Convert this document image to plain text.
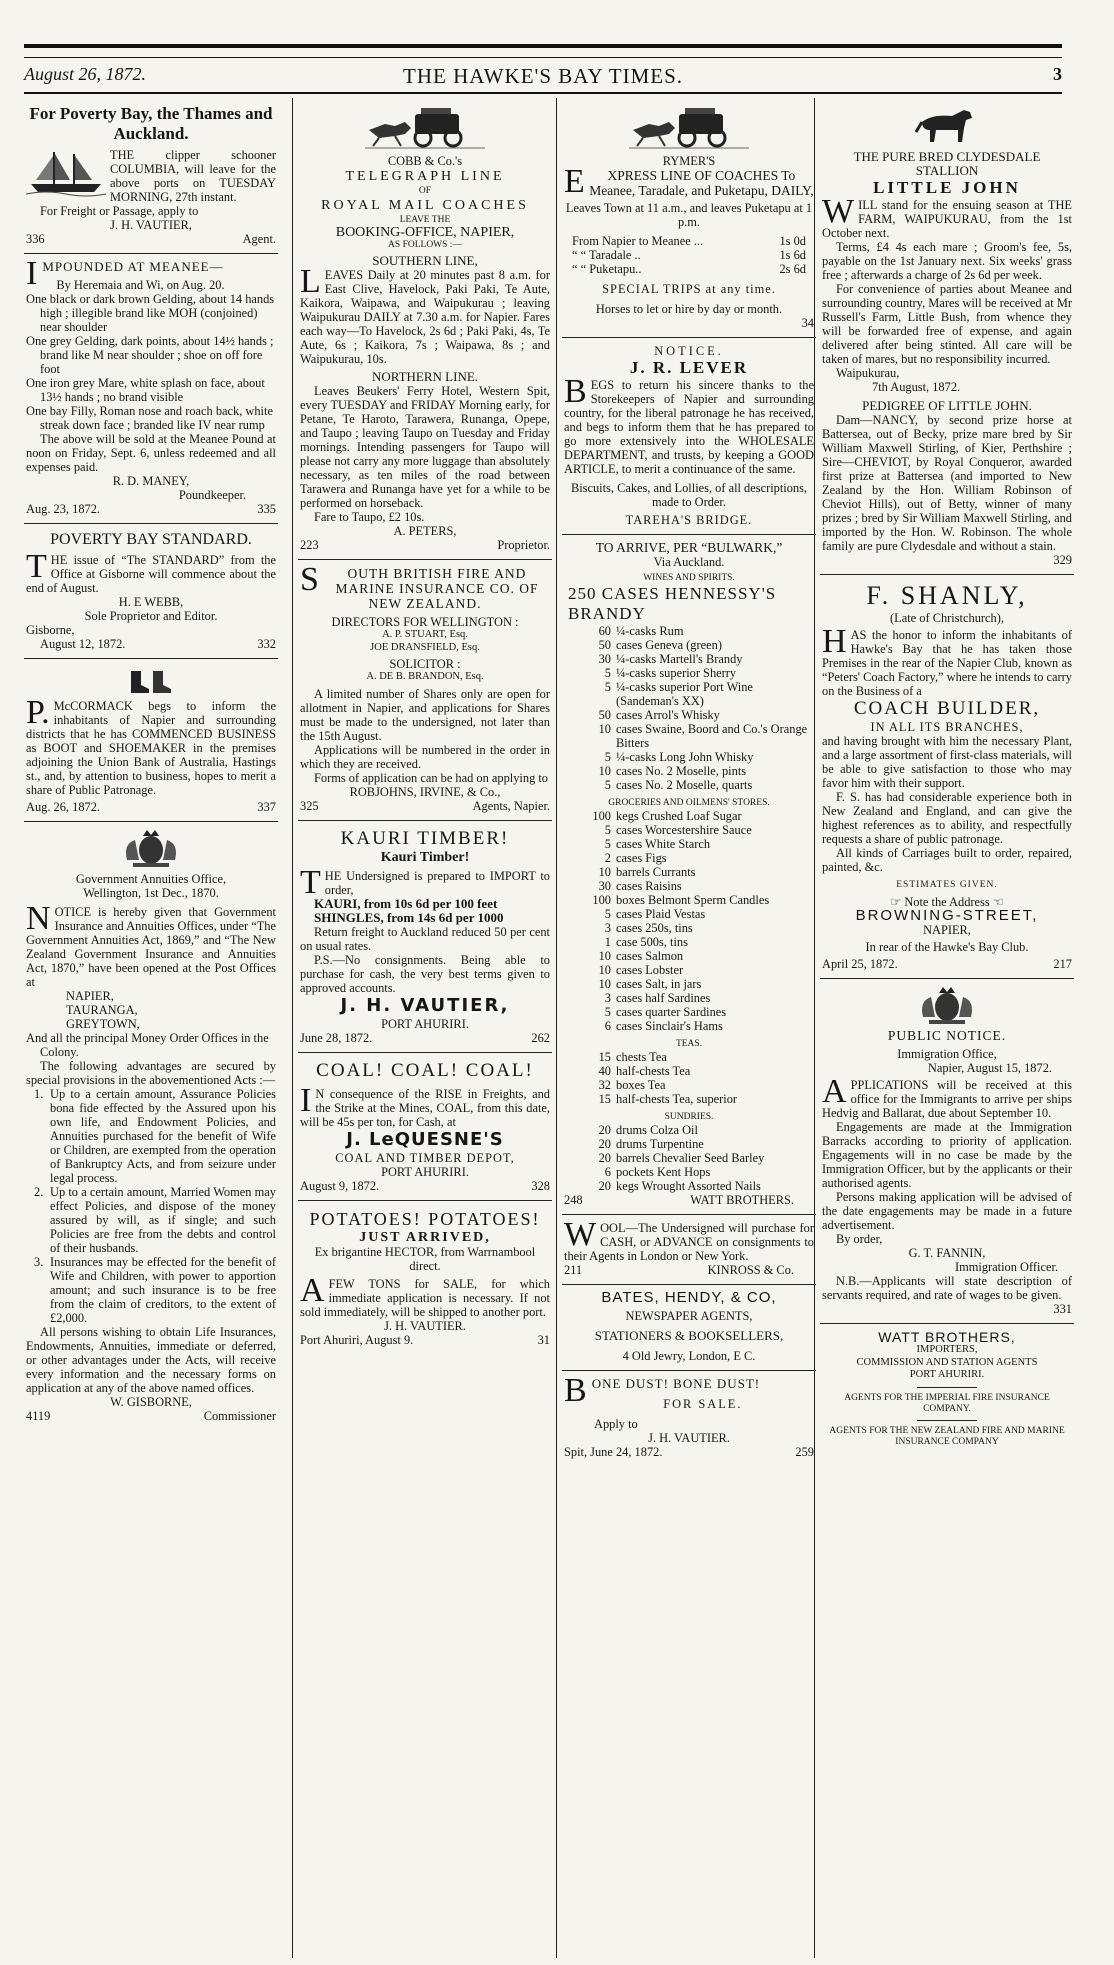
August 26, 1872.	THE HAWKE'S BAY TIMES.	3
For Poverty Bay, the Thames and Auckland.
THE clipper schooner COLUMBIA, will leave for the above ports on TUESDAY MORNING, 27th instant.
For Freight or Passage, apply to
J. H. VAUTIER,
336	Agent.
IMPOUNDED AT MEANEE—
By Heremaia and Wi, on Aug. 20.
One black or dark brown Gelding, about 14 hands high ; illegible brand like MOH (conjoined) near shoulder
One grey Gelding, dark points, about 14½ hands ; brand like M near shoulder ; shoe on off fore foot
One iron grey Mare, white splash on face, about 13½ hands ; no brand visible
One bay Filly, Roman nose and roach back, white streak down face ; branded like IV near rump
The above will be sold at the Meanee Pound at noon on Friday, Sept. 6, unless redeemed and all expenses paid.
R. D. MANEY,
Poundkeeper.
Aug. 23, 1872.	335
POVERTY BAY STANDARD.
THE issue of “The STANDARD” from the Office at Gisborne will commence about the end of August.
H. E WEBB,
Sole Proprietor and Editor.
Gisborne,
August 12, 1872.	332
P.McCORMACK begs to inform the inhabitants of Napier and surrounding districts that he has COMMENCED BUSINESS as BOOT and SHOEMAKER in the premises adjoining the Union Bank of Australia, Hastings st., and, by attention to business, hopes to merit a share of Public Patronage.
Aug. 26, 1872.	337
Government Annuities Office,
Wellington, 1st Dec., 1870.
NOTICE is hereby given that Government Insurance and Annuities Offices, under “The Government Annuities Act, 1869,” and “The New Zealand Government Insurance and Annuities Act, 1870,” have been opened at the Post Offices at
NAPIER,
TAURANGA,
GREYTOWN,
And all the principal Money Order Offices in the Colony.
The following advantages are secured by special provisions in the abovementioned Acts :—
1. Up to a certain amount, Assurance Policies bona fide effected by the Assured upon his own life, and Endowment Policies, and Annuities purchased for the benefit of Wife or Children, are exempted from the operation of Bankruptcy Acts, and from seizure under legal process.
2. Up to a certain amount, Married Women may effect Policies, and dispose of the money assured by will, as if single; and such Policies are free from the debts and control of their husbands.
3. Insurances may be effected for the benefit of Wife and Children, with power to apportion amount; and such insurance is to be free from the claim of creditors, to the extent of £2,000.
All persons wishing to obtain Life Insurances, Endowments, Annuities, immediate or deferred, or other advantages under the Acts, will receive every information and the necessary forms on application at any of the above named offices.
W. GISBORNE,
4119	Commissioner
COBB & Co.'s
TELEGRAPH LINE
OF
ROYAL MAIL COACHES
LEAVE THE
BOOKING-OFFICE, NAPIER,
AS FOLLOWS :—
SOUTHERN LINE,
LEAVES Daily at 20 minutes past 8 a.m. for East Clive, Havelock, Paki Paki, Te Aute, Kaikora, Waipawa, and Waipukurau ; leaving Waipukurau DAILY at 7.30 a.m. for Napier. Fares each way—To Havelock, 2s 6d ; Paki Paki, 4s, Te Aute, 6s ; Kaikora, 7s ; Waipawa, 8s ; and Waipukurau, 10s.
NORTHERN LINE.
Leaves Beukers' Ferry Hotel, Western Spit, every TUESDAY and FRIDAY Morning early, for Petane, Te Haroto, Tarawera, Runanga, Opepe, and Taupo ; leaving Taupo on Tuesday and Friday mornings. Intending passengers for Taupo will please not carry any more luggage than absolutely necessary, as ten miles of the road between Tarawera and Runanga have yet for a while to be performed on horseback.
Fare to Taupo, £2 10s.
A. PETERS,
223	Proprietor.
SOUTH BRITISH FIRE AND MARINE INSURANCE CO. OF NEW ZEALAND.
DIRECTORS FOR WELLINGTON :
A. P. STUART, Esq.
JOE DRANSFIELD, Esq.
SOLICITOR :
A. DE B. BRANDON, Esq.
A limited number of Shares only are open for allotment in Napier, and applications for Shares must be made to the undersigned, not later than the 15th August.
Applications will be numbered in the order in which they are received.
Forms of application can be had on applying to
ROBJOHNS, IRVINE, & Co.,
325	Agents, Napier.
KAURI TIMBER!
Kauri Timber!
THE Undersigned is prepared to IMPORT to order,
KAURI, from 10s 6d per 100 feet
SHINGLES, from 14s 6d per 1000
Return freight to Auckland reduced 50 per cent on usual rates.
P.S.—No consignments. Being able to purchase for cash, the very best terms given to approved accounts.
J. H. VAUTIER,
PORT AHURIRI.
June 28, 1872.	262
COAL! COAL! COAL!
IN consequence of the RISE in Freights, and the Strike at the Mines, COAL, from this date, will be 45s per ton, for Cash, at
J. LeQUESNE'S
COAL AND TIMBER DEPOT,
PORT AHURIRI.
August 9, 1872.	328
POTATOES! POTATOES!
JUST ARRIVED,
Ex brigantine HECTOR, from Warrnambool direct.
AFEW TONS for SALE, for which immediate application is necessary. If not sold immediately, will be shipped to another port.
J. H. VAUTIER.
Port Ahuriri, August 9.	31
RYMER'S
EXPRESS LINE OF COACHES To Meanee, Taradale, and Puketapu, DAILY,
Leaves Town at 11 a.m., and leaves Puketapu at 1 p.m.
From Napier to Meanee ...	1s 0d
“ “ Taradale ..	1s 6d
“ “ Puketapu..	2s 6d
SPECIAL TRIPS at any time.
Horses to let or hire by day or month.
34
NOTICE.
J. R. LEVER
BEGS to return his sincere thanks to the Storekeepers of Napier and surrounding country, for the liberal patronage he has received, and begs to inform them that he has prepared to go more extensively into the WHOLESALE DEPARTMENT, and trusts, by keeping a GOOD ARTICLE, to merit a continuance of the same.
Biscuits, Cakes, and Lollies, of all descriptions, made to Order.
TAREHA'S BRIDGE.
TO ARRIVE, PER “BULWARK,”
Via Auckland.
WINES AND SPIRITS.
250 CASES HENNESSY'S BRANDY
60 ¼-casks Rum
50 cases Geneva (green)
30 ¼-casks Martell's Brandy
5 ¼-casks superior Sherry
5 ¼-casks superior Port Wine (Sandeman's XX)
50 cases Arrol's Whisky
10 cases Swaine, Boord and Co.'s Orange Bitters
5 ¼-casks Long John Whisky
10 cases No. 2 Moselle, pints
5 cases No. 2 Moselle, quarts
GROCERIES AND OILMENS' STORES.
100 kegs Crushed Loaf Sugar
5 cases Worcestershire Sauce
5 cases White Starch
2 cases Figs
10 barrels Currants
30 cases Raisins
100 boxes Belmont Sperm Candles
5 cases Plaid Vestas
3 cases 250s, tins
1 case 500s, tins
10 cases Salmon
10 cases Lobster
10 cases Salt, in jars
3 cases half Sardines
5 cases quarter Sardines
6 cases Sinclair's Hams
TEAS.
15 chests Tea
40 half-chests Tea
32 boxes Tea
15 half-chests Tea, superior
SUNDRIES.
20 drums Colza Oil
20 drums Turpentine
20 barrels Chevalier Seed Barley
6 pockets Kent Hops
20 kegs Wrought Assorted Nails
248	WATT BROTHERS.
WOOL—The Undersigned will purchase for CASH, or ADVANCE on consignments to their Agents in London or New York.
211	KINROSS & Co.
BATES, HENDY, & CO,
NEWSPAPER AGENTS,
STATIONERS & BOOKSELLERS,
4 Old Jewry, London, E C.
BONE DUST! BONE DUST!
FOR SALE.
Apply to
J. H. VAUTIER.
Spit, June 24, 1872.	259
THE PURE BRED CLYDESDALE STALLION
LITTLE JOHN
WILL stand for the ensuing season at THE FARM, WAIPUKURAU, from the 1st October next.
Terms, £4 4s each mare ; Groom's fee, 5s, payable on the 1st January next. Six weeks' grass free ; afterwards a charge of 2s 6d per week.
For convenience of parties about Meanee and surrounding country, Mares will be received at Mr Russell's Farm, Little Bush, from whence they will be forwarded free of expense, and again delivered after being stinted. All care will be taken of mares, but no responsibility incurred.
Waipukurau,
7th August, 1872.
PEDIGREE OF LITTLE JOHN.
Dam—NANCY, by second prize horse at Battersea, out of Becky, prize mare bred by Sir William Maxwell Stirling, of Kier, Perthshire ; Sire—CHEVIOT, by Royal Conqueror, awarded first prize at Battersea (and imported to New Zealand by the Hon. William Robinson of Cheviot Hills), out of Betty, winner of many prizes ; bred by Sir William Maxwell Stirling, and imported by the Hon. W. Robinson. The whole family are pure Clydesdale and without a stain.
329
F. SHANLY,
(Late of Christchurch),
HAS the honor to inform the inhabitants of Hawke's Bay that he has taken those Premises in the rear of the Napier Club, known as “Peters' Coach Factory,” where he intends to carry on the Business of a
COACH BUILDER,
IN ALL ITS BRANCHES,
and having brought with him the necessary Plant, and a large assortment of first-class materials, will be able to give satisfaction to those who may favor him with their support.
F. S. has had considerable experience both in New Zealand and England, and can give the highest references as to ability, and respectfully requests a share of public patronage.
All kinds of Carriages built to order, repaired, painted, &c.
ESTIMATES GIVEN.
☞ Note the Address ☜
BROWNING-STREET,
NAPIER,
In rear of the Hawke's Bay Club.
April 25, 1872.	217
PUBLIC NOTICE.
Immigration Office,
Napier, August 15, 1872.
APPLICATIONS will be received at this office for the Immigrants to arrive per ships Hedvig and Ballarat, due about September 10.
Engagements are made at the Immigration Barracks according to priority of application. Engagements will in no case be made by the Immigration Officer, but by the applicants or their authorised agents.
Persons making application will be advised of the date engagements may be made in a future advertisement.
By order,
G. T. FANNIN,
Immigration Officer.
N.B.—Applicants will state description of servants required, and rate of wages to be given.
331
WATT BROTHERS,
IMPORTERS,
COMMISSION AND STATION AGENTS
PORT AHURIRI.
AGENTS FOR THE IMPERIAL FIRE INSURANCE COMPANY.
AGENTS FOR THE NEW ZEALAND FIRE AND MARINE INSURANCE COMPANY
